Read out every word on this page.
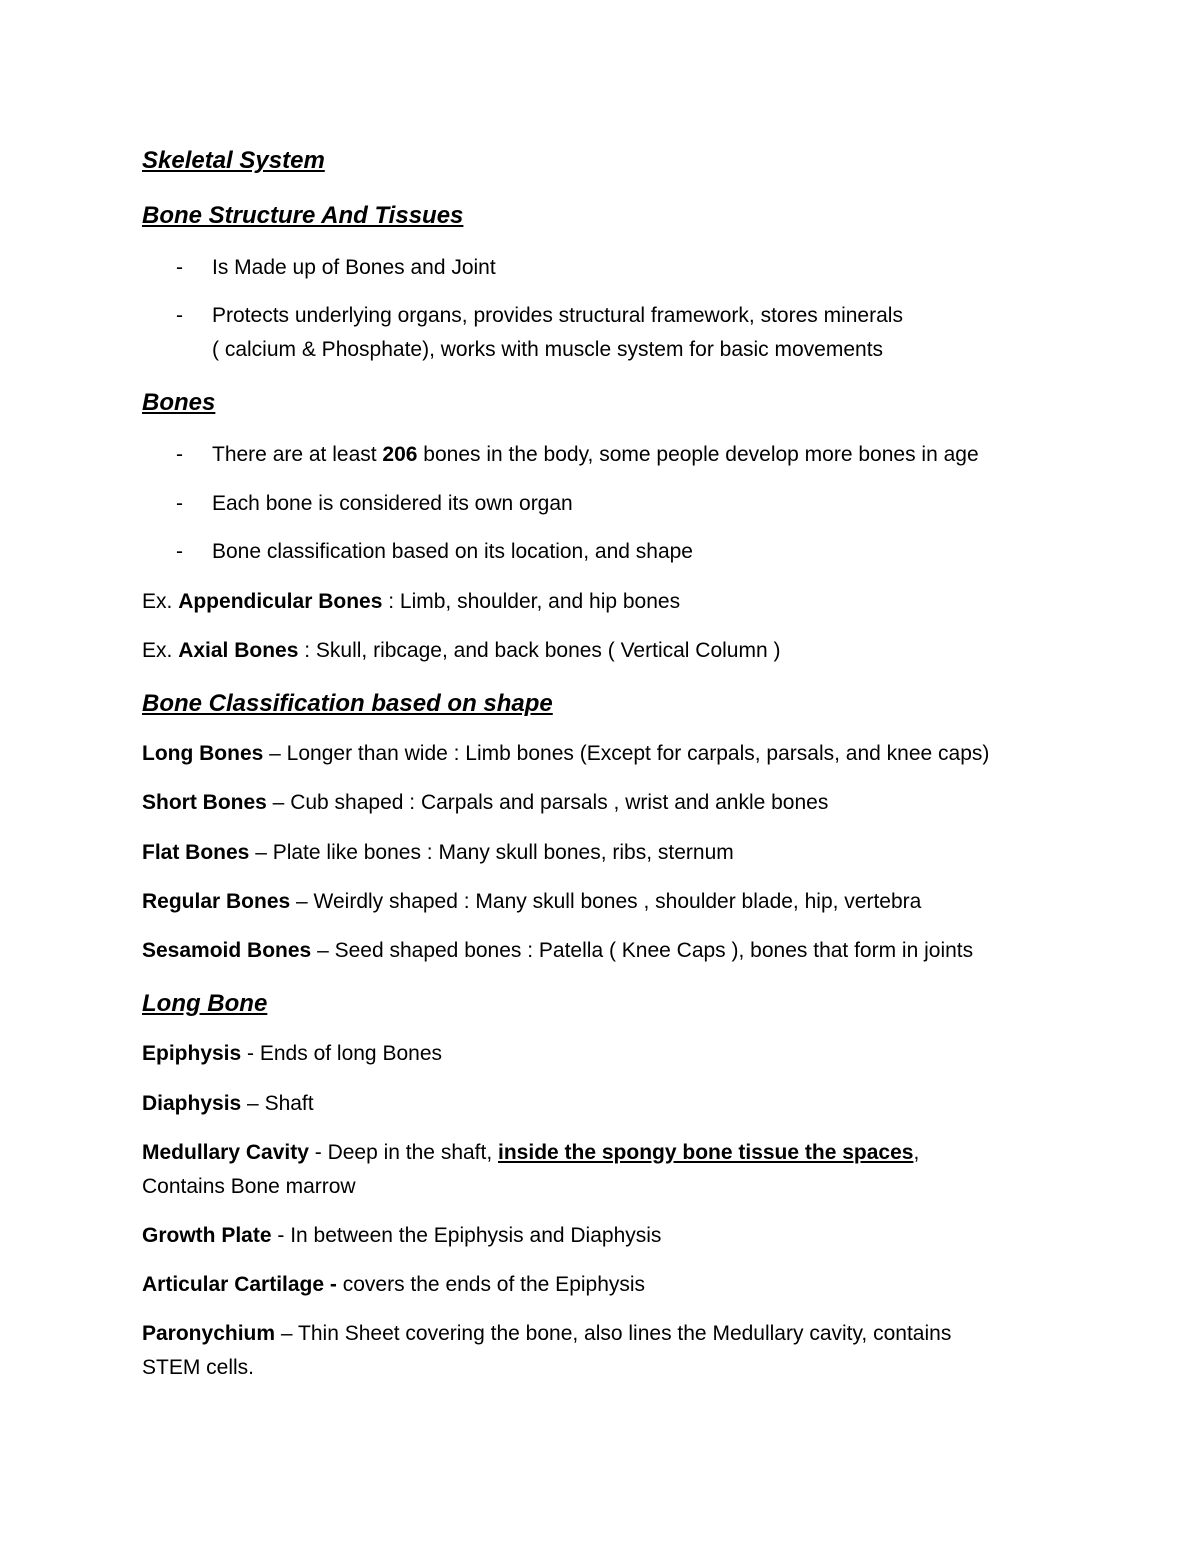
Skeletal System
Bone Structure And Tissues
- Is Made up of Bones and Joint
- Protects underlying organs, provides structural framework, stores minerals
( calcium & Phosphate), works with muscle system for basic movements
Bones
- There are at least 206 bones in the body, some people develop more bones in age
- Each bone is considered its own organ
- Bone classification based on its location, and shape
Ex. Appendicular Bones : Limb, shoulder, and hip bones
Ex. Axial Bones : Skull, ribcage, and back bones ( Vertical Column )
Bone Classification based on shape
Long Bones – Longer than wide : Limb bones (Except for carpals, parsals, and knee caps)
Short Bones – Cub shaped : Carpals and parsals , wrist and ankle bones
Flat Bones – Plate like bones : Many skull bones, ribs, sternum
Regular Bones – Weirdly shaped : Many skull bones , shoulder blade, hip, vertebra
Sesamoid Bones – Seed shaped bones : Patella ( Knee Caps ), bones that form in joints
Long Bone
Epiphysis - Ends of long Bones
Diaphysis – Shaft
Medullary Cavity - Deep in the shaft, inside the spongy bone tissue the spaces,
Contains Bone marrow
Growth Plate - In between the Epiphysis and Diaphysis
Articular Cartilage - covers the ends of the Epiphysis
Paronychium – Thin Sheet covering the bone, also lines the Medullary cavity, contains
STEM cells.
